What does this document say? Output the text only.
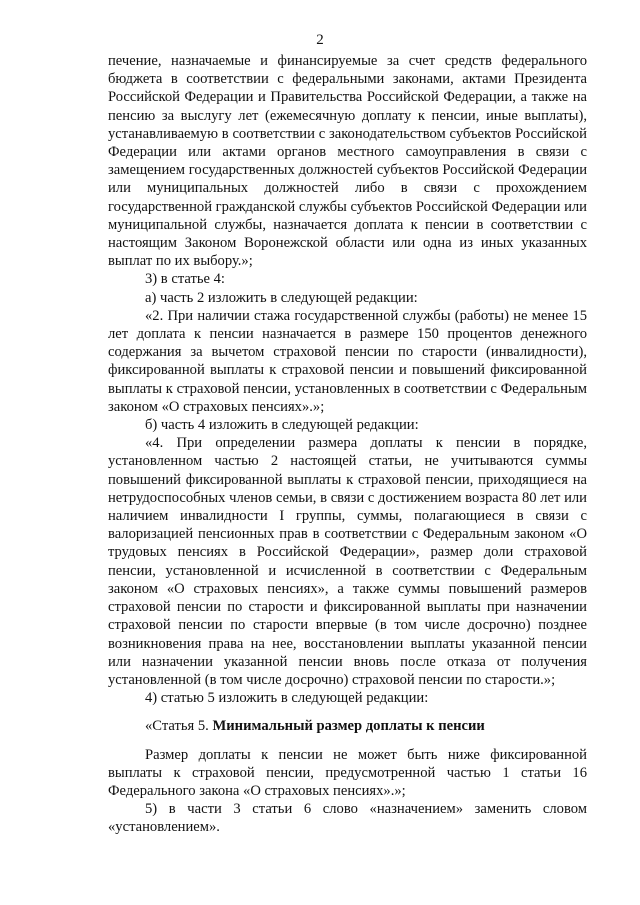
2

печение, назначаемые и финансируемые за счет средств федерального бюджета в соответствии с федеральными законами, актами Президента Российской Федерации и Правительства Российской Федерации, а также на пенсию за выслугу лет (ежемесячную доплату к пенсии, иные выплаты), устанавливаемую в соответствии с законодательством субъектов Российской Федерации или актами органов местного самоуправления в связи с замещением государственных должностей субъектов Российской Федерации или муниципальных должностей либо в связи с прохождением государственной гражданской службы субъектов Российской Федерации или муниципальной службы, назначается доплата к пенсии в соответствии с настоящим Законом Воронежской области или одна из иных указанных выплат по их выбору.»;

3) в статье 4:

а) часть 2 изложить в следующей редакции:

«2. При наличии стажа государственной службы (работы) не менее 15 лет доплата к пенсии назначается в размере 150 процентов денежного содержания за вычетом страховой пенсии по старости (инвалидности), фиксированной выплаты к страховой пенсии и повышений фиксированной выплаты к страховой пенсии, установленных в соответствии с Федеральным законом «О страховых пенсиях».»;

б) часть 4 изложить в следующей редакции:

«4. При определении размера доплаты к пенсии в порядке, установленном частью 2 настоящей статьи, не учитываются суммы повышений фиксированной выплаты к страховой пенсии, приходящиеся на нетрудоспособных членов семьи, в связи с достижением возраста 80 лет или наличием инвалидности I группы, суммы, полагающиеся в связи с валоризацией пенсионных прав в соответствии с Федеральным законом «О трудовых пенсиях в Российской Федерации», размер доли страховой пенсии, установленной и исчисленной в соответствии с Федеральным законом «О страховых пенсиях», а также суммы повышений размеров страховой пенсии по старости и фиксированной выплаты при назначении страховой пенсии по старости впервые (в том числе досрочно) позднее возникновения права на нее, восстановлении выплаты указанной пенсии или назначении указанной пенсии вновь после отказа от получения установленной (в том числе досрочно) страховой пенсии по старости.»;

4) статью 5 изложить в следующей редакции:

«Статья 5. Минимальный размер доплаты к пенсии

Размер доплаты к пенсии не может быть ниже фиксированной выплаты к страховой пенсии, предусмотренной частью 1 статьи 16 Федерального закона «О страховых пенсиях».»;

5) в части 3 статьи 6 слово «назначением» заменить словом «установлением».
